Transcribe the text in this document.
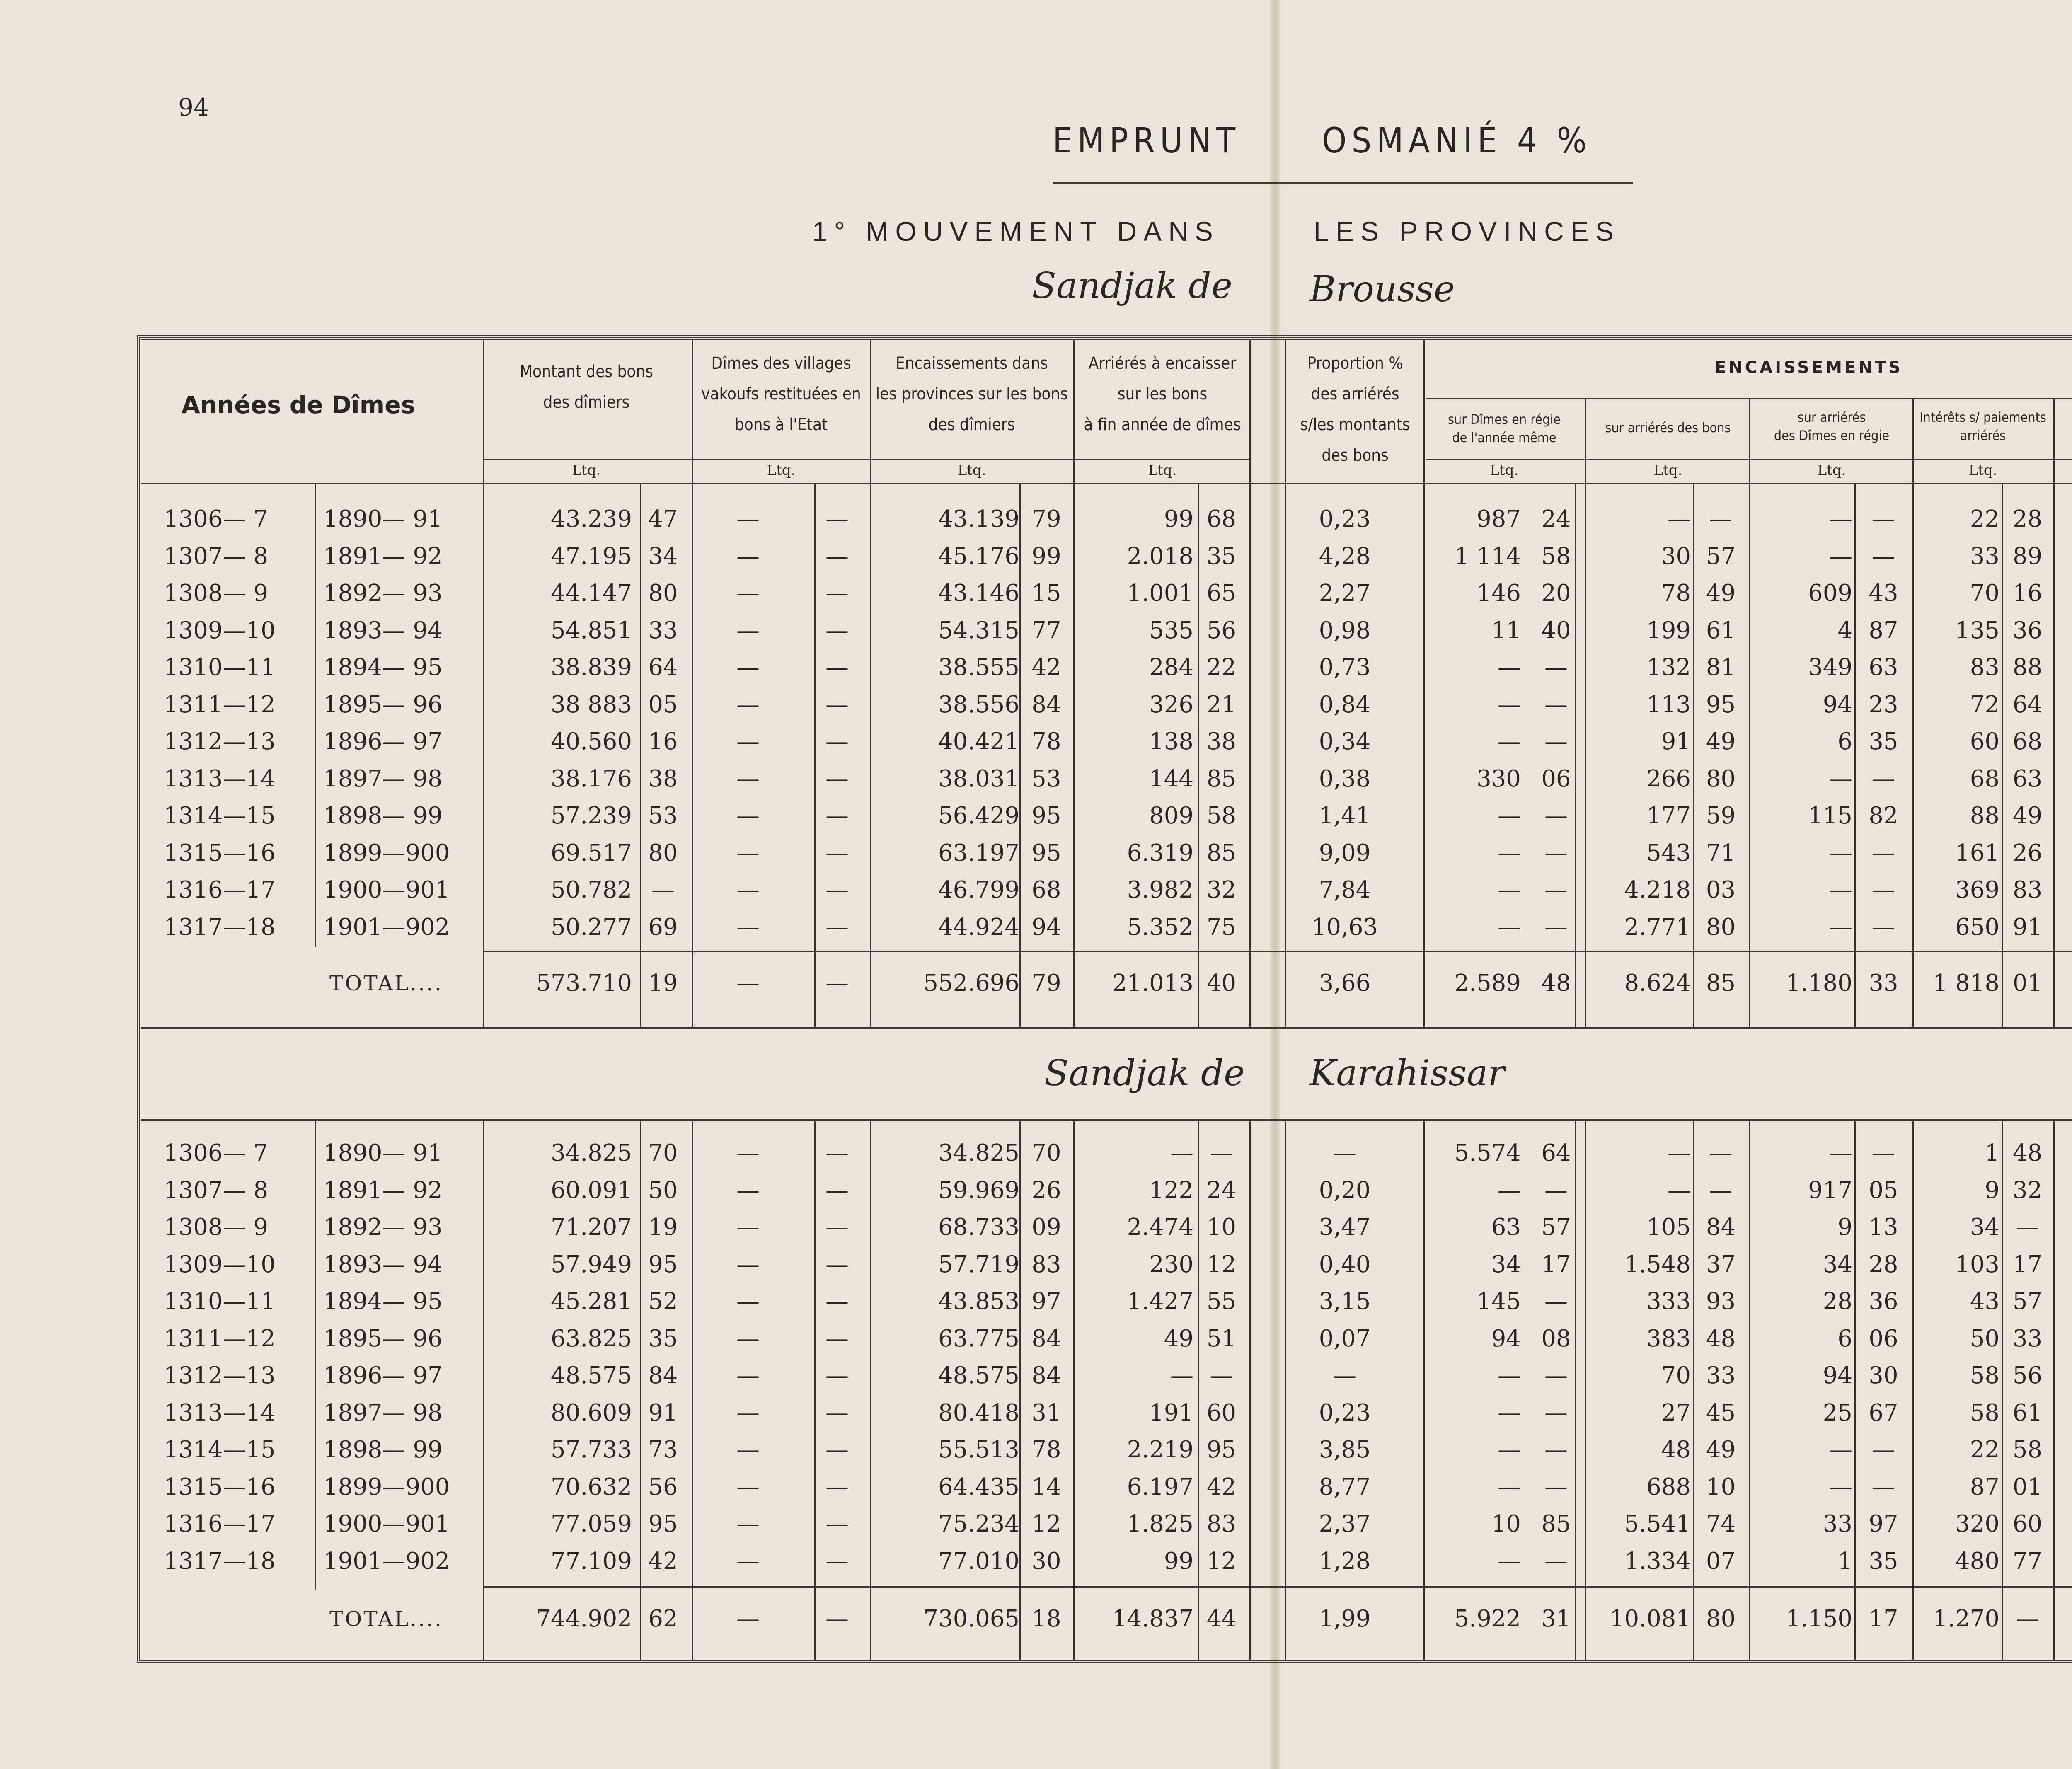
94
EMPRUNT OSMANIÉ 4 %
1° MOUVEMENT DANS	LES PROVINCES
Sandjak de Brousse
Années de Dîmes
Montant des bons
des dîmiers
Dîmes des villages
vakoufs restituées en
bons à l'Etat
Encaissements dans
les provinces sur les bons
des dîmiers
Arriérés à encaisser
sur les bons
à fin année de dîmes
Proportion %
des arriérés
s/les montants
des bons
ENCAISSEMENTS
sur Dîmes en régie
de l'année même
sur arriérés des bons
sur arriérés
des Dîmes en régie
Intérêts s/ paiements
arriérés
Ltq.	Ltq.	Ltq.	Ltq.	Ltq.	Ltq.	Ltq.	Ltq.
1306— 7	1890— 91	43.239 47	—	—	43.139 79	99 68	0,23	987 24	— —	— —	22 28
1307— 8	1891— 92	47.195 34	—	—	45.176 99	2.018 35	4,28	1 114 58	30 57	— —	33 89
1308— 9	1892— 93	44.147 80	—	—	43.146 15	1.001 65	2,27	146 20	78 49	609 43	70 16
1309—10	1893— 94	54.851 33	—	—	54.315 77	535 56	0,98	11 40	199 61	4 87	135 36
1310—11	1894— 95	38.839 64	—	—	38.555 42	284 22	0,73	—	—	132 81	349 63	83 88
1311—12	1895— 96	38 883 05	—	—	38.556 84	326 21	0,84	—	—	113 95	94 23	72 64
1312—13	1896— 97	40.560 16	—	—	40.421 78	138 38	0,34	—	—	91 49	6 35	60 68
1313—14	1897— 98	38.176 38	—	—	38.031 53	144 85	0,38	330 06	266 80	— —	68 63
1314—15	1898— 99	57.239 53	—	—	56.429 95	809 58	1,41	—	—	177 59	115 82	88 49
1315—16	1899—900	69.517 80	—	—	63.197 95	6.319 85	9,09	—	—	543 71	— —	161 26
1316—17	1900—901	50.782 —	—	—	46.799 68	3.982 32	7,84	—	—	4.218 03	— —	369 83
1317—18	1901—902	50.277 69	—	—	44.924 94	5.352 75	10,63	—	—	2.771 80	— —	650 91
TOTAL....	573.710 19	—	—	552.696 79	21.013 40	3,66	2.589 48	8.624 85	1.180 33	1 818 01
1306— 7	1890— 91	34.825 70	—	—	34.825 70	— —	—	5.574 64	— —	— —	1 48
1307— 8	1891— 92	60.091 50	—	—	59.969 26	122 24	0,20	—	—	— —	917 05	9 32
1308— 9	1892— 93	71.207 19	—	—	68.733 09	2.474 10	3,47	63 57	105 84	9 13	34 —
1309—10	1893— 94	57.949 95	—	—	57.719 83	230 12	0,40	34 17	1.548 37	34 28	103 17
1310—11	1894— 95	45.281 52	—	—	43.853 97	1.427 55	3,15	145	—	333 93	28 36	43 57
1311—12	1895— 96	63.825 35	—	—	63.775 84	49 51	0,07	94 08	383 48	6 06	50 33
1312—13	1896— 97	48.575 84	—	—	48.575 84	— —	—	—	—	70 33	94 30	58 56
1313—14	1897— 98	80.609 91	—	—	80.418 31	191 60	0,23	—	—	27 45	25 67	58 61
1314—15	1898— 99	57.733 73	—	—	55.513 78	2.219 95	3,85	—	—	48 49	— —	22 58
1315—16	1899—900	70.632 56	—	—	64.435 14	6.197 42	8,77	—	—	688 10	— —	87 01
1316—17	1900—901	77.059 95	—	—	75.234 12	1.825 83	2,37	10 85	5.541 74	33 97	320 60
1317—18	1901—902	77.109 42	—	—	77.010 30	99 12	1,28	—	—	1.334 07	1 35	480 77
TOTAL....	744.902 62	—	—	730.065 18	14.837 44	1,99	5.922 31	10.081 80	1.150 17	1.270 —
Sandjak de Karahissar
